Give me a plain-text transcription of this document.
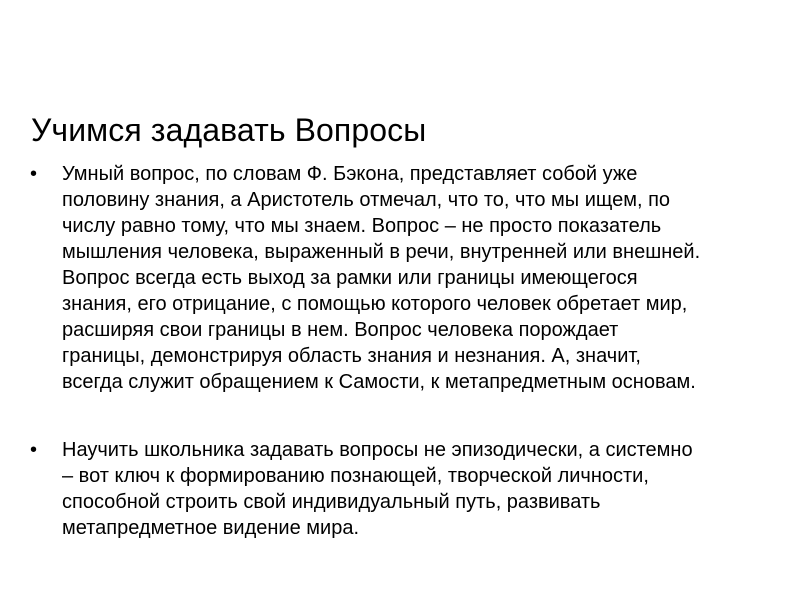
Учимся задавать Вопросы
• Умный вопрос, по словам Ф. Бэкона, представляет собой уже
половину знания, а Аристотель отмечал, что то, что мы ищем, по
числу равно тому, что мы знаем. Вопрос – не просто показатель
мышления человека, выраженный в речи, внутренней или внешней.
Вопрос всегда есть выход за рамки или границы имеющегося
знания, его отрицание, с помощью которого человек обретает мир,
расширяя свои границы в нем. Вопрос человека порождает
границы, демонстрируя область знания и незнания. А, значит,
всегда служит обращением к Самости, к метапредметным основам.
• Научить школьника задавать вопросы не эпизодически, а системно
– вот ключ к формированию познающей, творческой личности,
способной строить свой индивидуальный путь, развивать
метапредметное видение мира.
